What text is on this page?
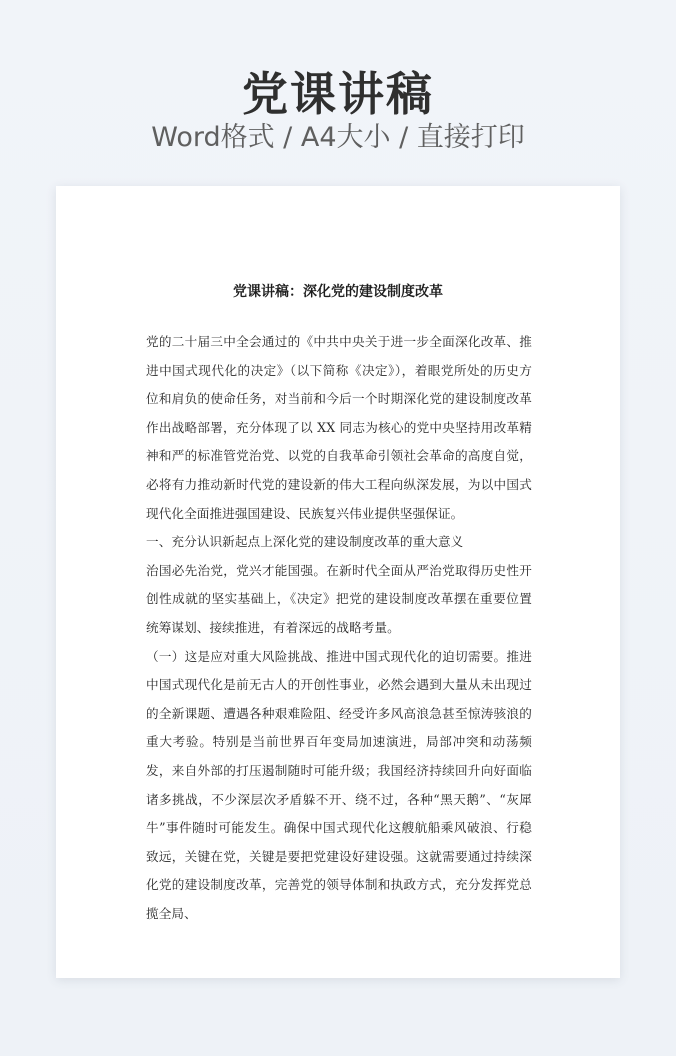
党课讲稿
Word格式 / A4大小 / 直接打印
党课讲稿：深化党的建设制度改革
党的二十届三中全会通过的《中共中央关于进一步全面深化改革、推进中国式现代化的决定》（以下简称《决定》），着眼党所处的历史方位和肩负的使命任务，对当前和今后一个时期深化党的建设制度改革作出战略部署，充分体现了以 XX 同志为核心的党中央坚持用改革精神和严的标准管党治党、以党的自我革命引领社会革命的高度自觉，必将有力推动新时代党的建设新的伟大工程向纵深发展，为以中国式现代化全面推进强国建设、民族复兴伟业提供坚强保证。
一、充分认识新起点上深化党的建设制度改革的重大意义
治国必先治党，党兴才能国强。在新时代全面从严治党取得历史性开创性成就的坚实基础上，《决定》把党的建设制度改革摆在重要位置统筹谋划、接续推进，有着深远的战略考量。
（一）这是应对重大风险挑战、推进中国式现代化的迫切需要。推进中国式现代化是前无古人的开创性事业，必然会遇到大量从未出现过的全新课题、遭遇各种艰难险阻、经受许多风高浪急甚至惊涛骇浪的重大考验。特别是当前世界百年变局加速演进，局部冲突和动荡频发，来自外部的打压遏制随时可能升级；我国经济持续回升向好面临诸多挑战，不少深层次矛盾躲不开、绕不过，各种“黑天鹅”、“灰犀牛”事件随时可能发生。确保中国式现代化这艘航船乘风破浪、行稳致远，关键在党，关键是要把党建设好建设强。这就需要通过持续深化党的建设制度改革，完善党的领导体制和执政方式，充分发挥党总揽全局、
